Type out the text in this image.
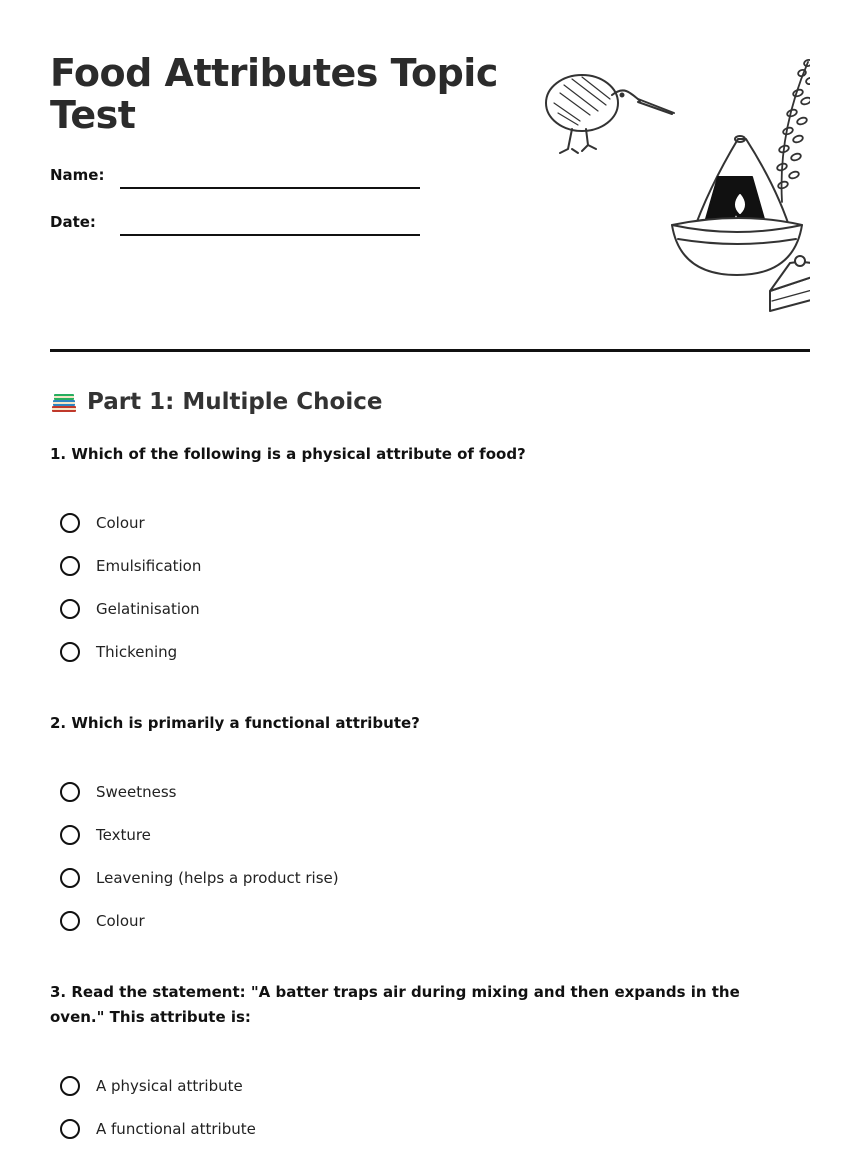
Food Attributes Topic Test
Name:
Date:
Part 1: Multiple Choice

1. Which of the following is a physical attribute of food?

Colour
Emulsification
Gelatinisation
Thickening

2. Which is primarily a functional attribute?

Sweetness
Texture
Leavening (helps a product rise)
Colour

3. Read the statement: "A batter traps air during mixing and then expands in the oven." This attribute is:

A physical attribute
A functional attribute
